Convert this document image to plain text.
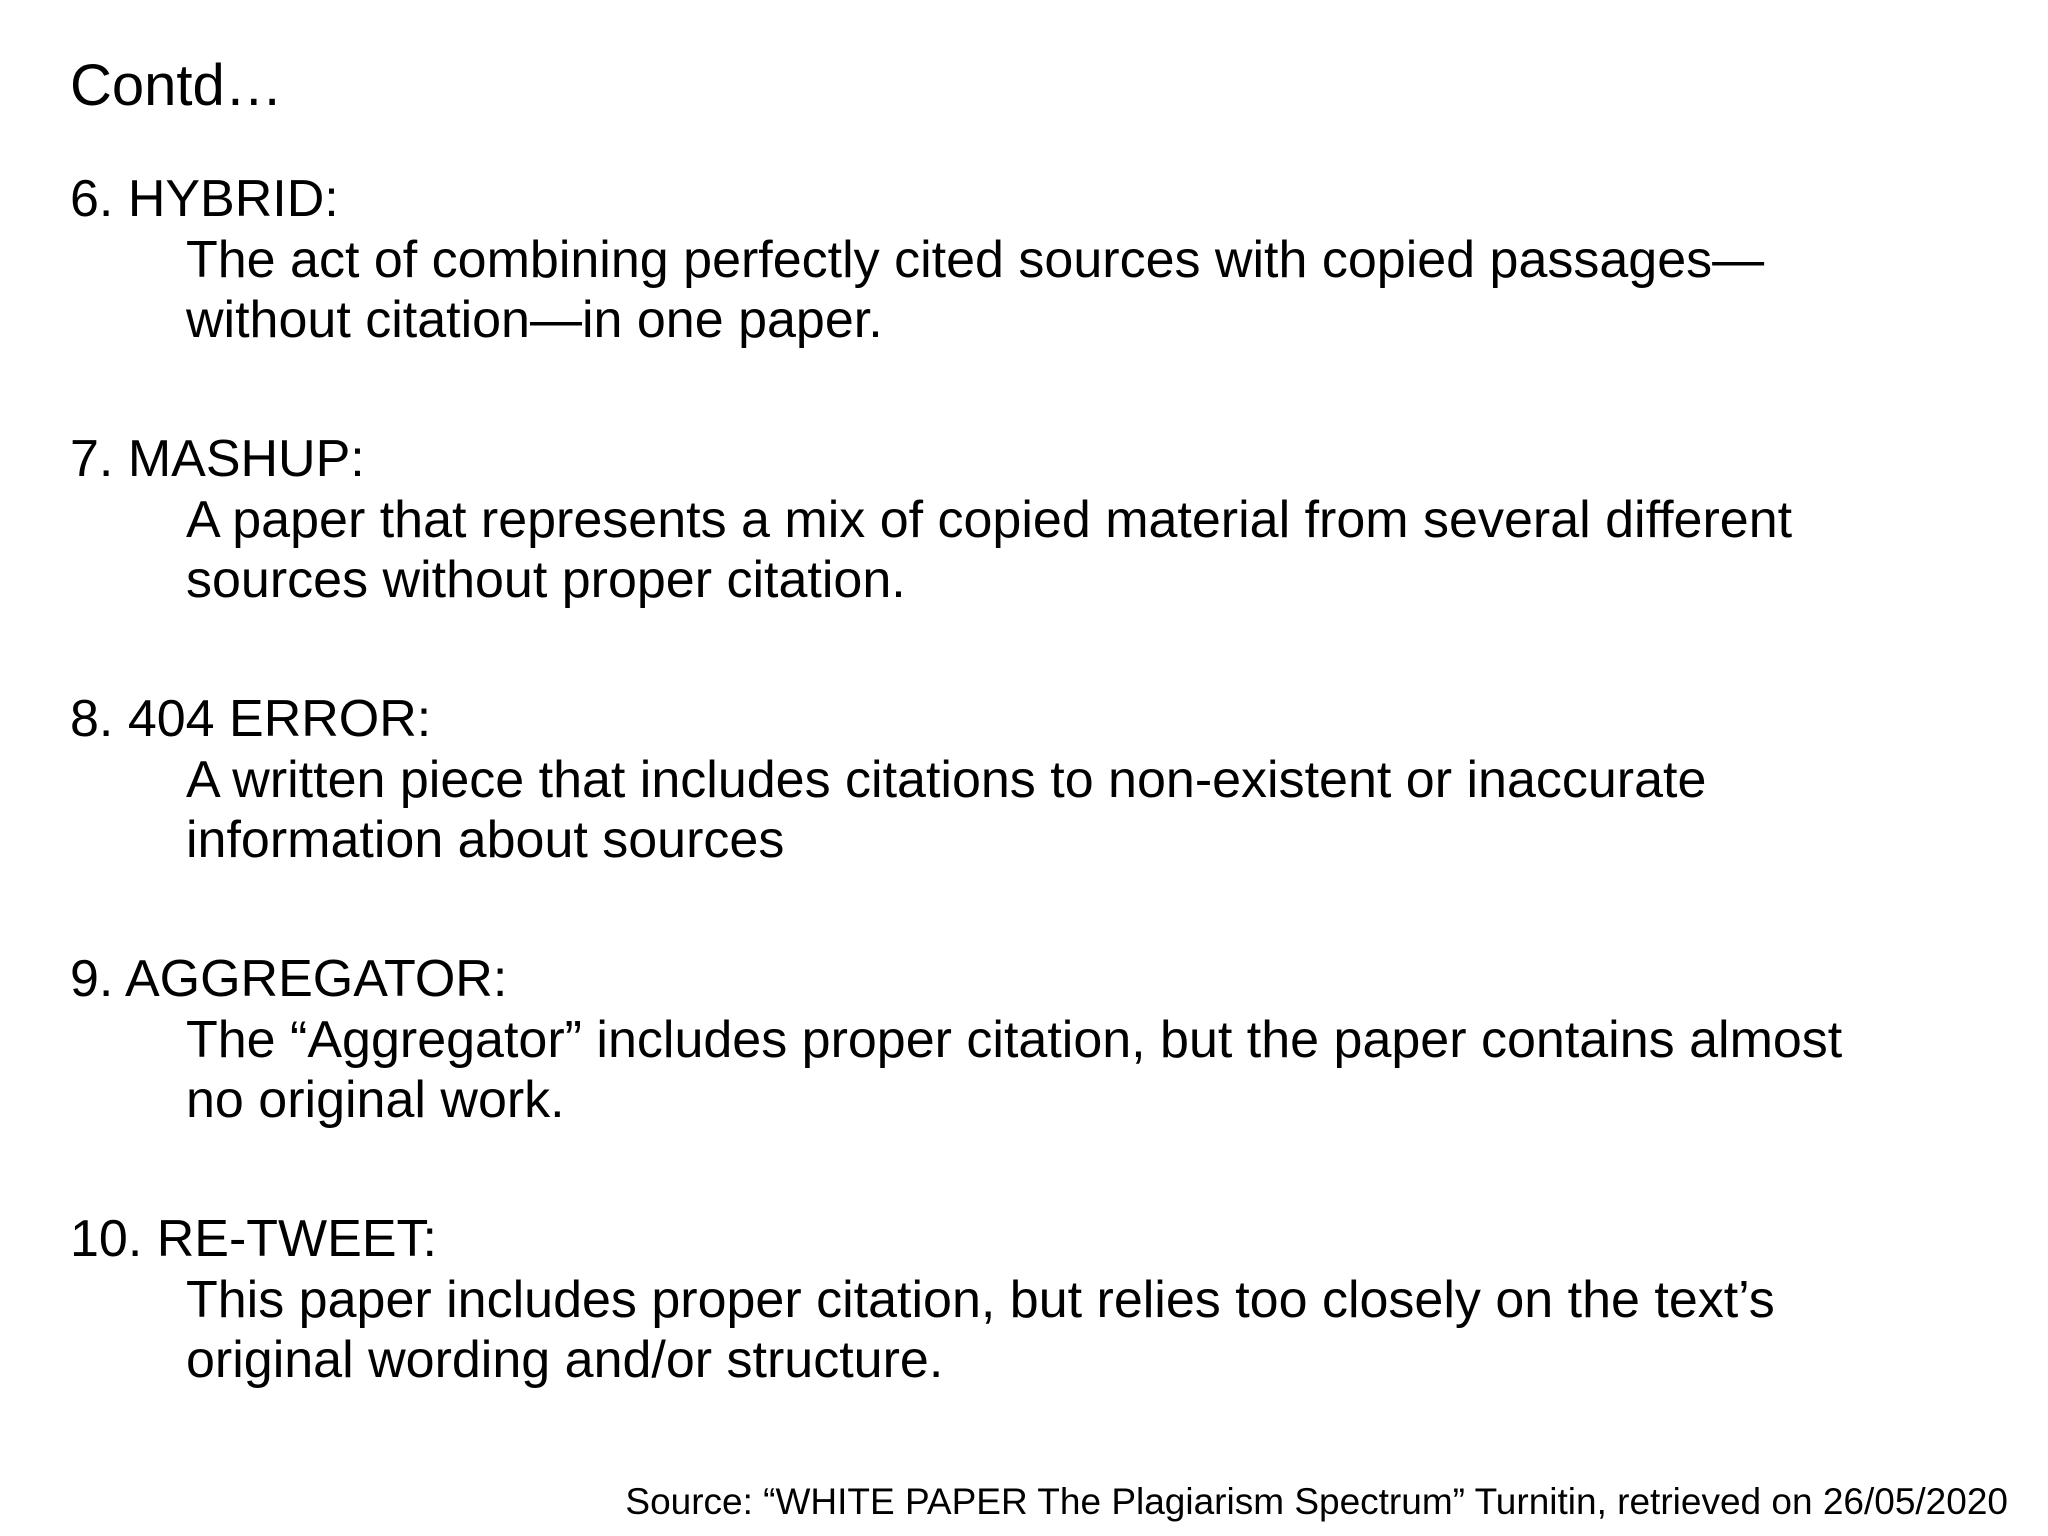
Contd…
6. HYBRID:
The act of combining perfectly cited sources with copied passages—
without citation—in one paper.
7. MASHUP:
A paper that represents a mix of copied material from several different
sources without proper citation.
8. 404 ERROR:
A written piece that includes citations to non-existent or inaccurate
information about sources
9. AGGREGATOR:
The “Aggregator” includes proper citation, but the paper contains almost
no original work.
10. RE-TWEET:
This paper includes proper citation, but relies too closely on the text’s
original wording and/or structure.
Source: “WHITE PAPER The Plagiarism Spectrum” Turnitin, retrieved on 26/05/2020
